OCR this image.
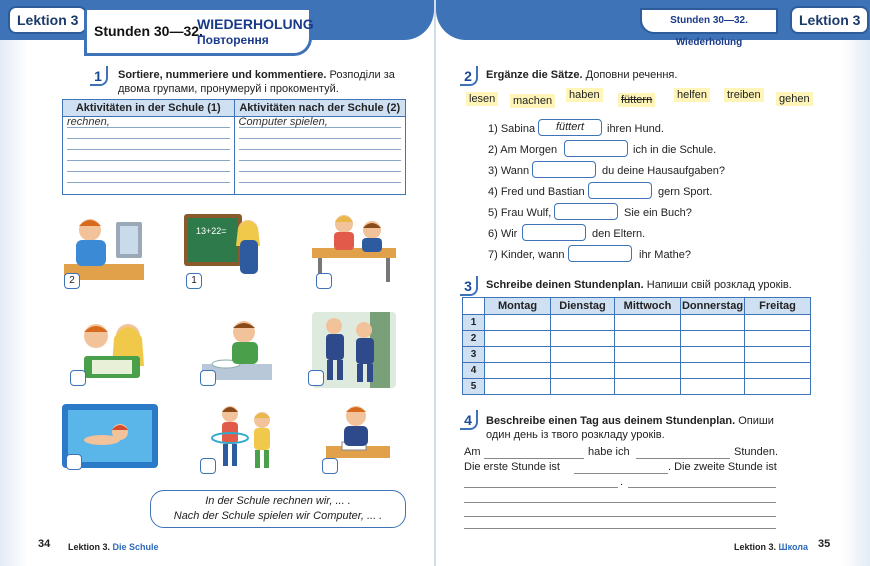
Lektion 3
Stunden 30—32.
WIEDERHOLUNG
Повторення
1	Sortiere, nummeriere und kommentiere. Розподіли за двома групами, пронумеруй і прокоментуй.
Aktivitäten in der Schule (1)	Aktivitäten nach der Schule (2)

rechnen,	Computer spielen,
2
13+22=
1
In der Schule rechnen wir, ... .
Nach der Schule spielen wir Computer, ... .
34 Lektion 3. Die Schule
Stunden 30—32. Wiederholung
Lektion 3
2	Ergänze die Sätze. Доповни речення.
lesen machen haben füttern helfen treiben gehen
1) Sabina	füttert	ihren Hund.
2) Am Morgen	ich in die Schule.
3) Wann	du deine Hausaufgaben?
4) Fred und Bastian	gern Sport.
5) Frau Wulf,	Sie ein Buch?
6) Wir	den Eltern.
7) Kinder, wann	ihr Mathe?
3	Schreibe deinen Stundenplan. Напиши свій розклад уроків.
	Montag	Dienstag	Mittwoch	Donnerstag	Freitag
1					
2					
3					
4					
5					
4	Beschreibe einen Tag aus deinem Stundenplan. Опиши
один день із твого розкладу уроків.
Am	habe ich	Stunden.
Die erste Stunde ist	. Die zweite Stunde ist
.
Lektion 3. Школа 35
